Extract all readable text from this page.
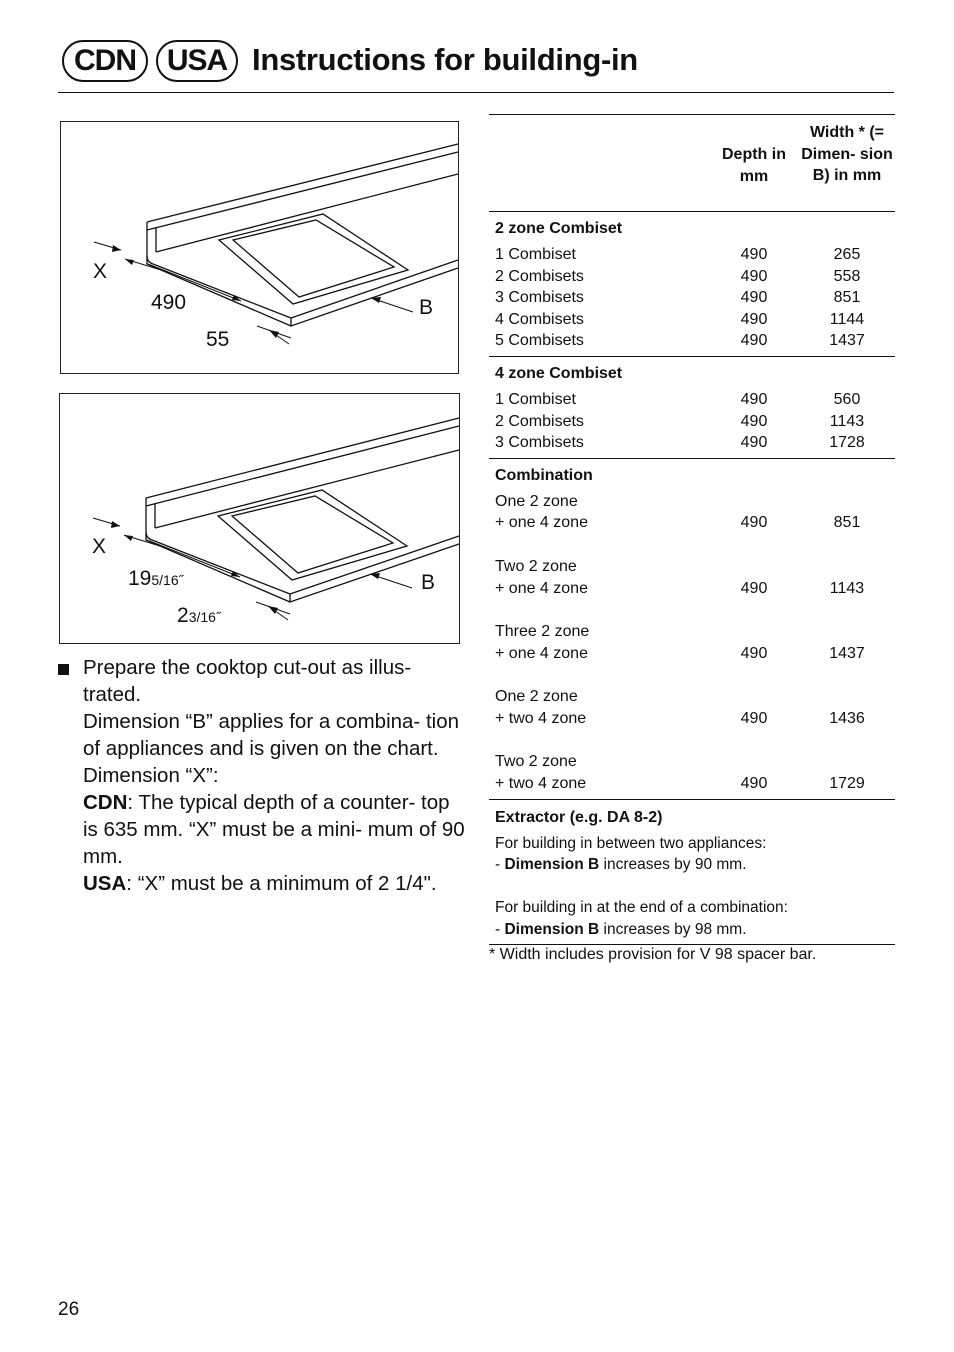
CDN	USA Instructions for building-in
X
490	B
55
X
195/16˝	B
23/16˝

Prepare the cooktop cut-out as illus- trated.

Dimension “B” applies for a combina- tion of appliances and is given on the chart.

Dimension “X”:

CDN: The typical depth of a counter- top is 635 mm. “X” must be a mini- mum of 90 mm.

USA: “X” must be a minimum of 2 1/4".

Depth in mm
Width * (= Dimen- sion B) in mm
2 zone Combiset
1 Combiset	490	265
2 Combisets	490	558
3 Combisets	490	851
4 Combisets	490	1144
5 Combisets	490	1437
4 zone Combiset
1 Combiset	490	560
2 Combisets	490	1143
3 Combisets	490	1728
Combination
One 2 zone
+ one 4 zone	490	851
Two 2 zone
+ one 4 zone	490	1143
Three 2 zone
+ one 4 zone	490	1437
One 2 zone
+ two 4 zone	490	1436
Two 2 zone
+ two 4 zone	490	1729
Extractor (e.g. DA 8-2)
For building in between two appliances:
- Dimension B increases by 90 mm.
For building in at the end of a combination:
- Dimension B increases by 98 mm.
* Width includes provision for V 98 spacer bar.
26
